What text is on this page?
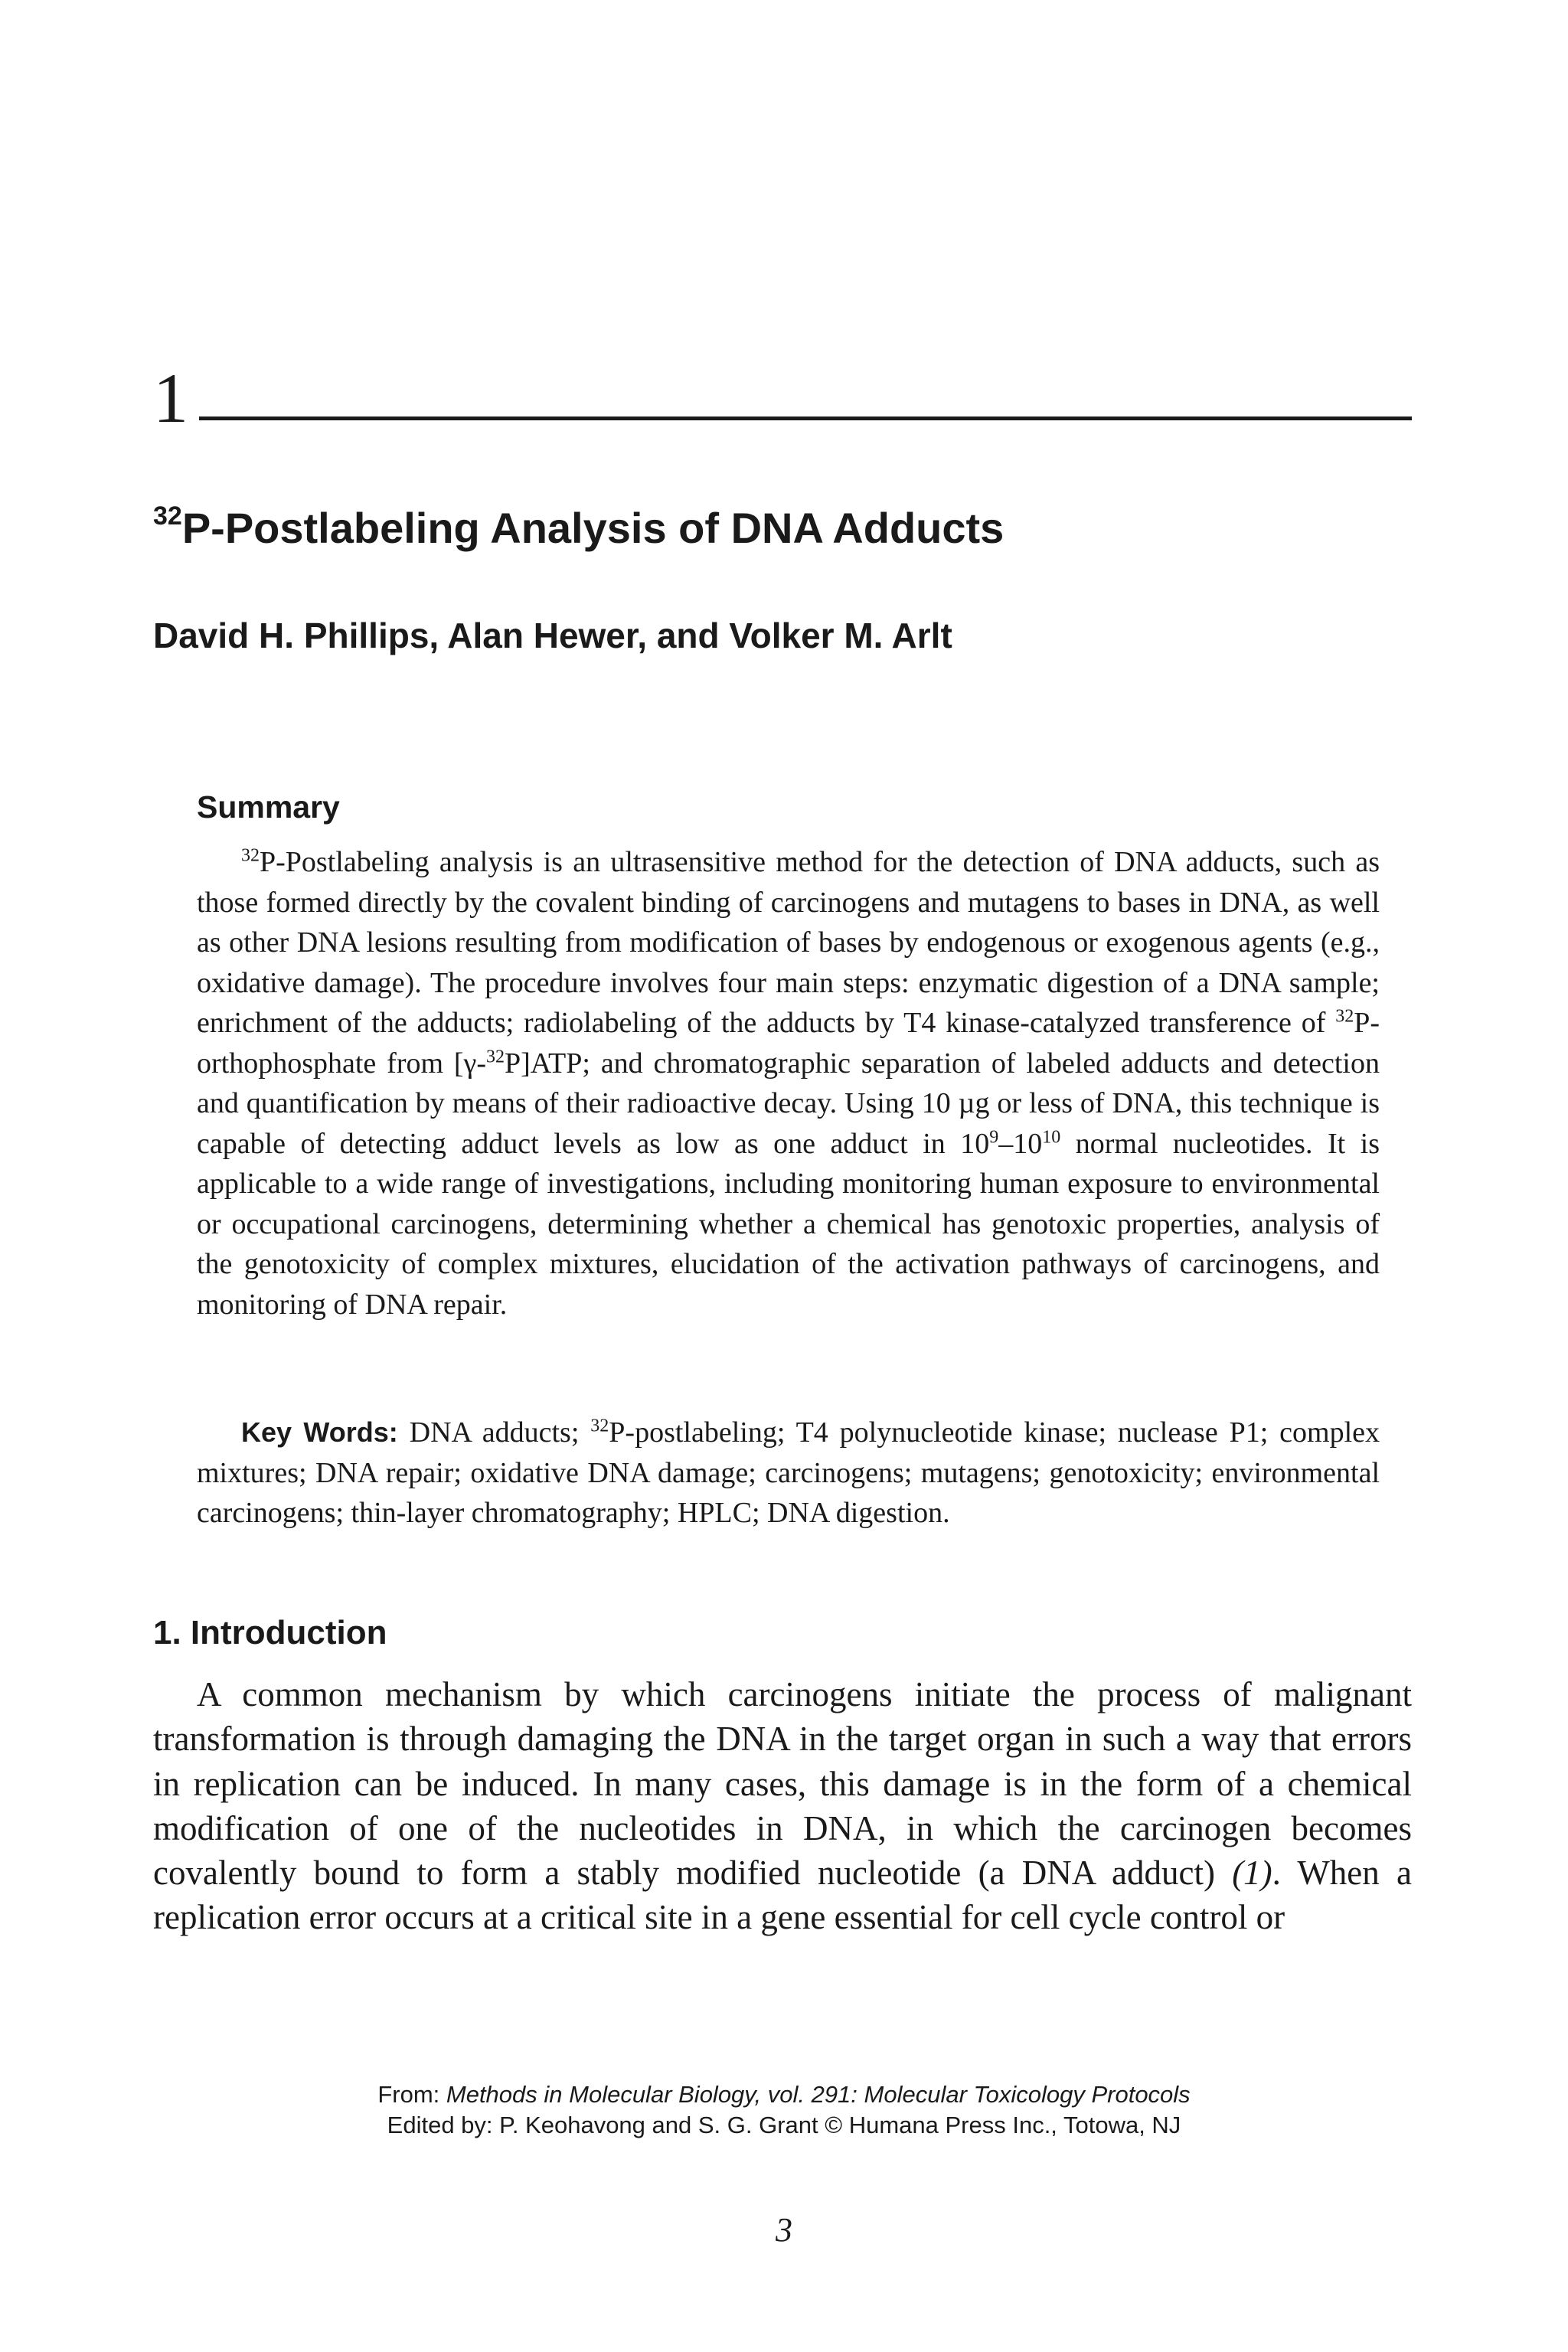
1
$^{32}$P-Postlabeling Analysis of DNA Adducts
David H. Phillips, Alan Hewer, and Volker M. Arlt
Summary

$^{32}$P-Postlabeling analysis is an ultrasensitive method for the detection of DNA adducts, such as those formed directly by the covalent binding of carcinogens and mutagens to bases in DNA, as well as other DNA lesions resulting from modification of bases by endogenous or exogenous agents (e.g., oxidative damage). The procedure involves four main steps: enzymatic digestion of a DNA sample; enrichment of the adducts; radiolabeling of the adducts by T4 kinase-catalyzed transference of $^{32}$P-orthophosphate from [γ-$^{32}$P]ATP; and chromatographic separation of labeled adducts and detection and quantification by means of their radioactive decay. Using 10 µg or less of DNA, this technique is capable of detecting adduct levels as low as one adduct in $10^9-10^{10}$ normal nucleotides. It is applicable to a wide range of investigations, including monitoring human exposure to environmental or occupational carcinogens, determining whether a chemical has genotoxic properties, analysis of the genotoxicity of complex mixtures, elucidation of the activation pathways of carcinogens, and monitoring of DNA repair.

Key Words: DNA adducts; $^{32}$P-postlabeling; T4 polynucleotide kinase; nuclease P1; complex mixtures; DNA repair; oxidative DNA damage; carcinogens; mutagens; genotoxicity; environmental carcinogens; thin-layer chromatography; HPLC; DNA digestion.

1. Introduction

A common mechanism by which carcinogens initiate the process of malignant transformation is through damaging the DNA in the target organ in such a way that errors in replication can be induced. In many cases, this damage is in the form of a chemical modification of one of the nucleotides in DNA, in which the carcinogen becomes covalently bound to form a stably modified nucleotide (a DNA adduct) (1). When a replication error occurs at a critical site in a gene essential for cell cycle control or

From: Methods in Molecular Biology, vol. 291: Molecular Toxicology Protocols
Edited by: P. Keohavong and S. G. Grant © Humana Press Inc., Totowa, NJ
3
